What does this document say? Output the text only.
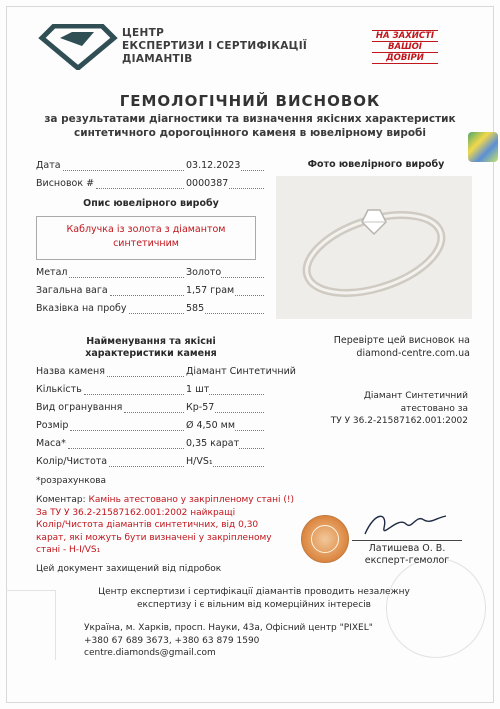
ЦЕНТР
ЕКСПЕРТИЗИ І СЕРТИФІКАЦІЇ
ДІАМАНТІВ
НА ЗАХИСТІ
ВАШОЇ
ДОВІРИ
ГЕМОЛОГІЧНИЙ ВИСНОВОК
за результатами діагностики та визначення якісних характеристик синтетичного дорогоцінного каменя в ювелірному виробі
Дата	03.12.2023
Висновок #	0000387
Опис ювелірного виробу
Каблучка із золота з діамантом
синтетичним
Метал	Золото
Загальна вага	1,57 грам
Вказівка на пробу	585
Найменування та якісні
характеристики каменя
Назва каменя	Діамант Синтетичний
Кількість	1 шт
Вид огранування	Кр-57
Розмір	Ø 4,50 мм
Маса*	0,35 карат
Колір/Чистота	H/VS₁
*розрахункова
Коментар: Камінь атестовано у закріпленому стані (!)
За ТУ У 36.2-21587162.001:2002 найкращі
Колір/Чистота діамантів синтетичних, від 0,30
карат, які можуть бути визначені у закріпленому
стані - H-I/VS₁
Цей документ захищений від підробок
Фото ювелірного виробу
Перевірте цей висновок на
diamond-centre.com.ua
Діамант Синтетичний
атестовано за
ТУ У 36.2-21587162.001:2002
Латишева О. В.
експерт-гемолог
Центр експертизи і сертифікації діамантів проводить незалежну експертизу і є вільним від комерційних інтересів
Україна, м. Харків, просп. Науки, 43а, Офісний центр "PIXEL"
+380 67 689 3673, +380 63 879 1590
centre.diamonds@gmail.com
